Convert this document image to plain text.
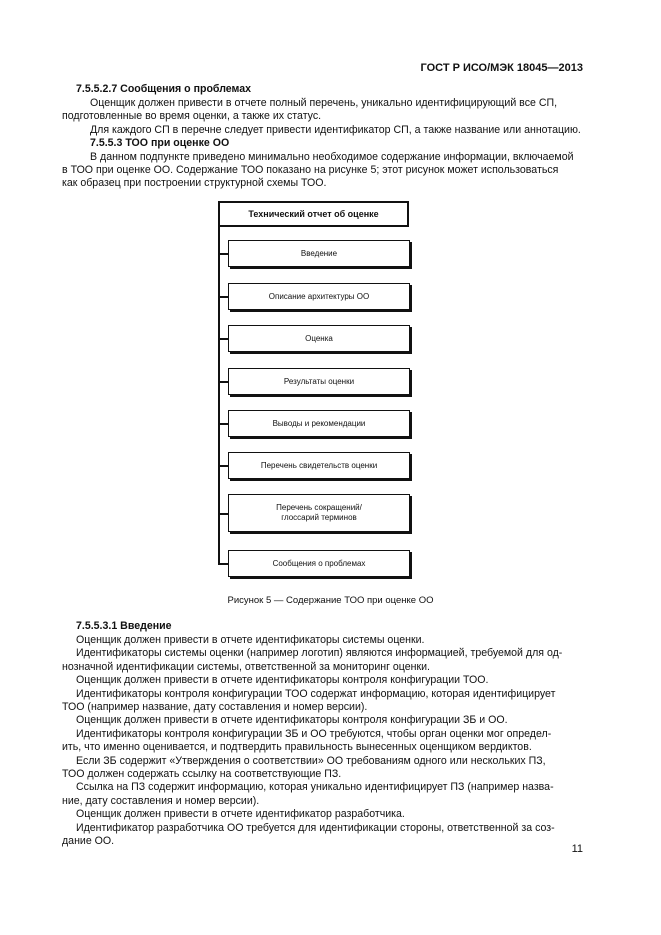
ГОСТ Р ИСО/МЭК 18045—2013
7.5.5.2.7 Сообщения о проблемах
Оценщик должен привести в отчете полный перечень, уникально идентифицирующий все СП,
подготовленные во время оценки, а также их статус.
Для каждого СП в перечне следует привести идентификатор СП, а также название или аннотацию.
7.5.5.3 ТОО при оценке ОО
В данном подпункте приведено минимально необходимое содержание информации, включаемой
в ТОО при оценке ОО. Содержание ТОО показано на рисунке 5; этот рисунок может использоваться
как образец при построении структурной схемы ТОО.
Технический отчет об оценке
Введение
Описание архитектуры ОО
Оценка
Результаты оценки
Выводы и рекомендации
Перечень свидетельств оценки
Перечень сокращений/глоссарий терминов
Сообщения о проблемах
Рисунок 5 — Содержание ТОО при оценке ОО
7.5.5.3.1 Введение
Оценщик должен привести в отчете идентификаторы системы оценки.
Идентификаторы системы оценки (например логотип) являются информацией, требуемой для од-
нозначной идентификации системы, ответственной за мониторинг оценки.
Оценщик должен привести в отчете идентификаторы контроля конфигурации ТОО.
Идентификаторы контроля конфигурации ТОО содержат информацию, которая идентифицирует
ТОО (например название, дату составления и номер версии).
Оценщик должен привести в отчете идентификаторы контроля конфигурации ЗБ и ОО.
Идентификаторы контроля конфигурации ЗБ и ОО требуются, чтобы орган оценки мог определ-
ить, что именно оценивается, и подтвердить правильность вынесенных оценщиком вердиктов.
Если ЗБ содержит «Утверждения о соответствии» ОО требованиям одного или нескольких ПЗ,
ТОО должен содержать ссылку на соответствующие ПЗ.
Ссылка на ПЗ содержит информацию, которая уникально идентифицирует ПЗ (например назва-
ние, дату составления и номер версии).
Оценщик должен привести в отчете идентификатор разработчика.
Идентификатор разработчика ОО требуется для идентификации стороны, ответственной за соз-
дание ОО.
11
